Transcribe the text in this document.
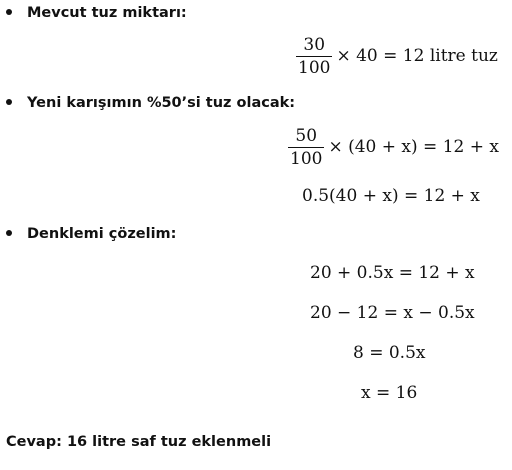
Mevcut tuz miktarı:
$\frac{30}{100} \times 40 = 12$ litre tuz
Yeni karışımın %50’si tuz olacak:
$\frac{50}{100} \times (40 + x) = 12 + x$
0.5(40 + x) = 12 + x
Denklemi çözelim:
20 + 0.5x = 12 + x
20 − 12 = x − 0.5x
8 = 0.5x
x = 16
Cevap: 16 litre saf tuz eklenmeli
